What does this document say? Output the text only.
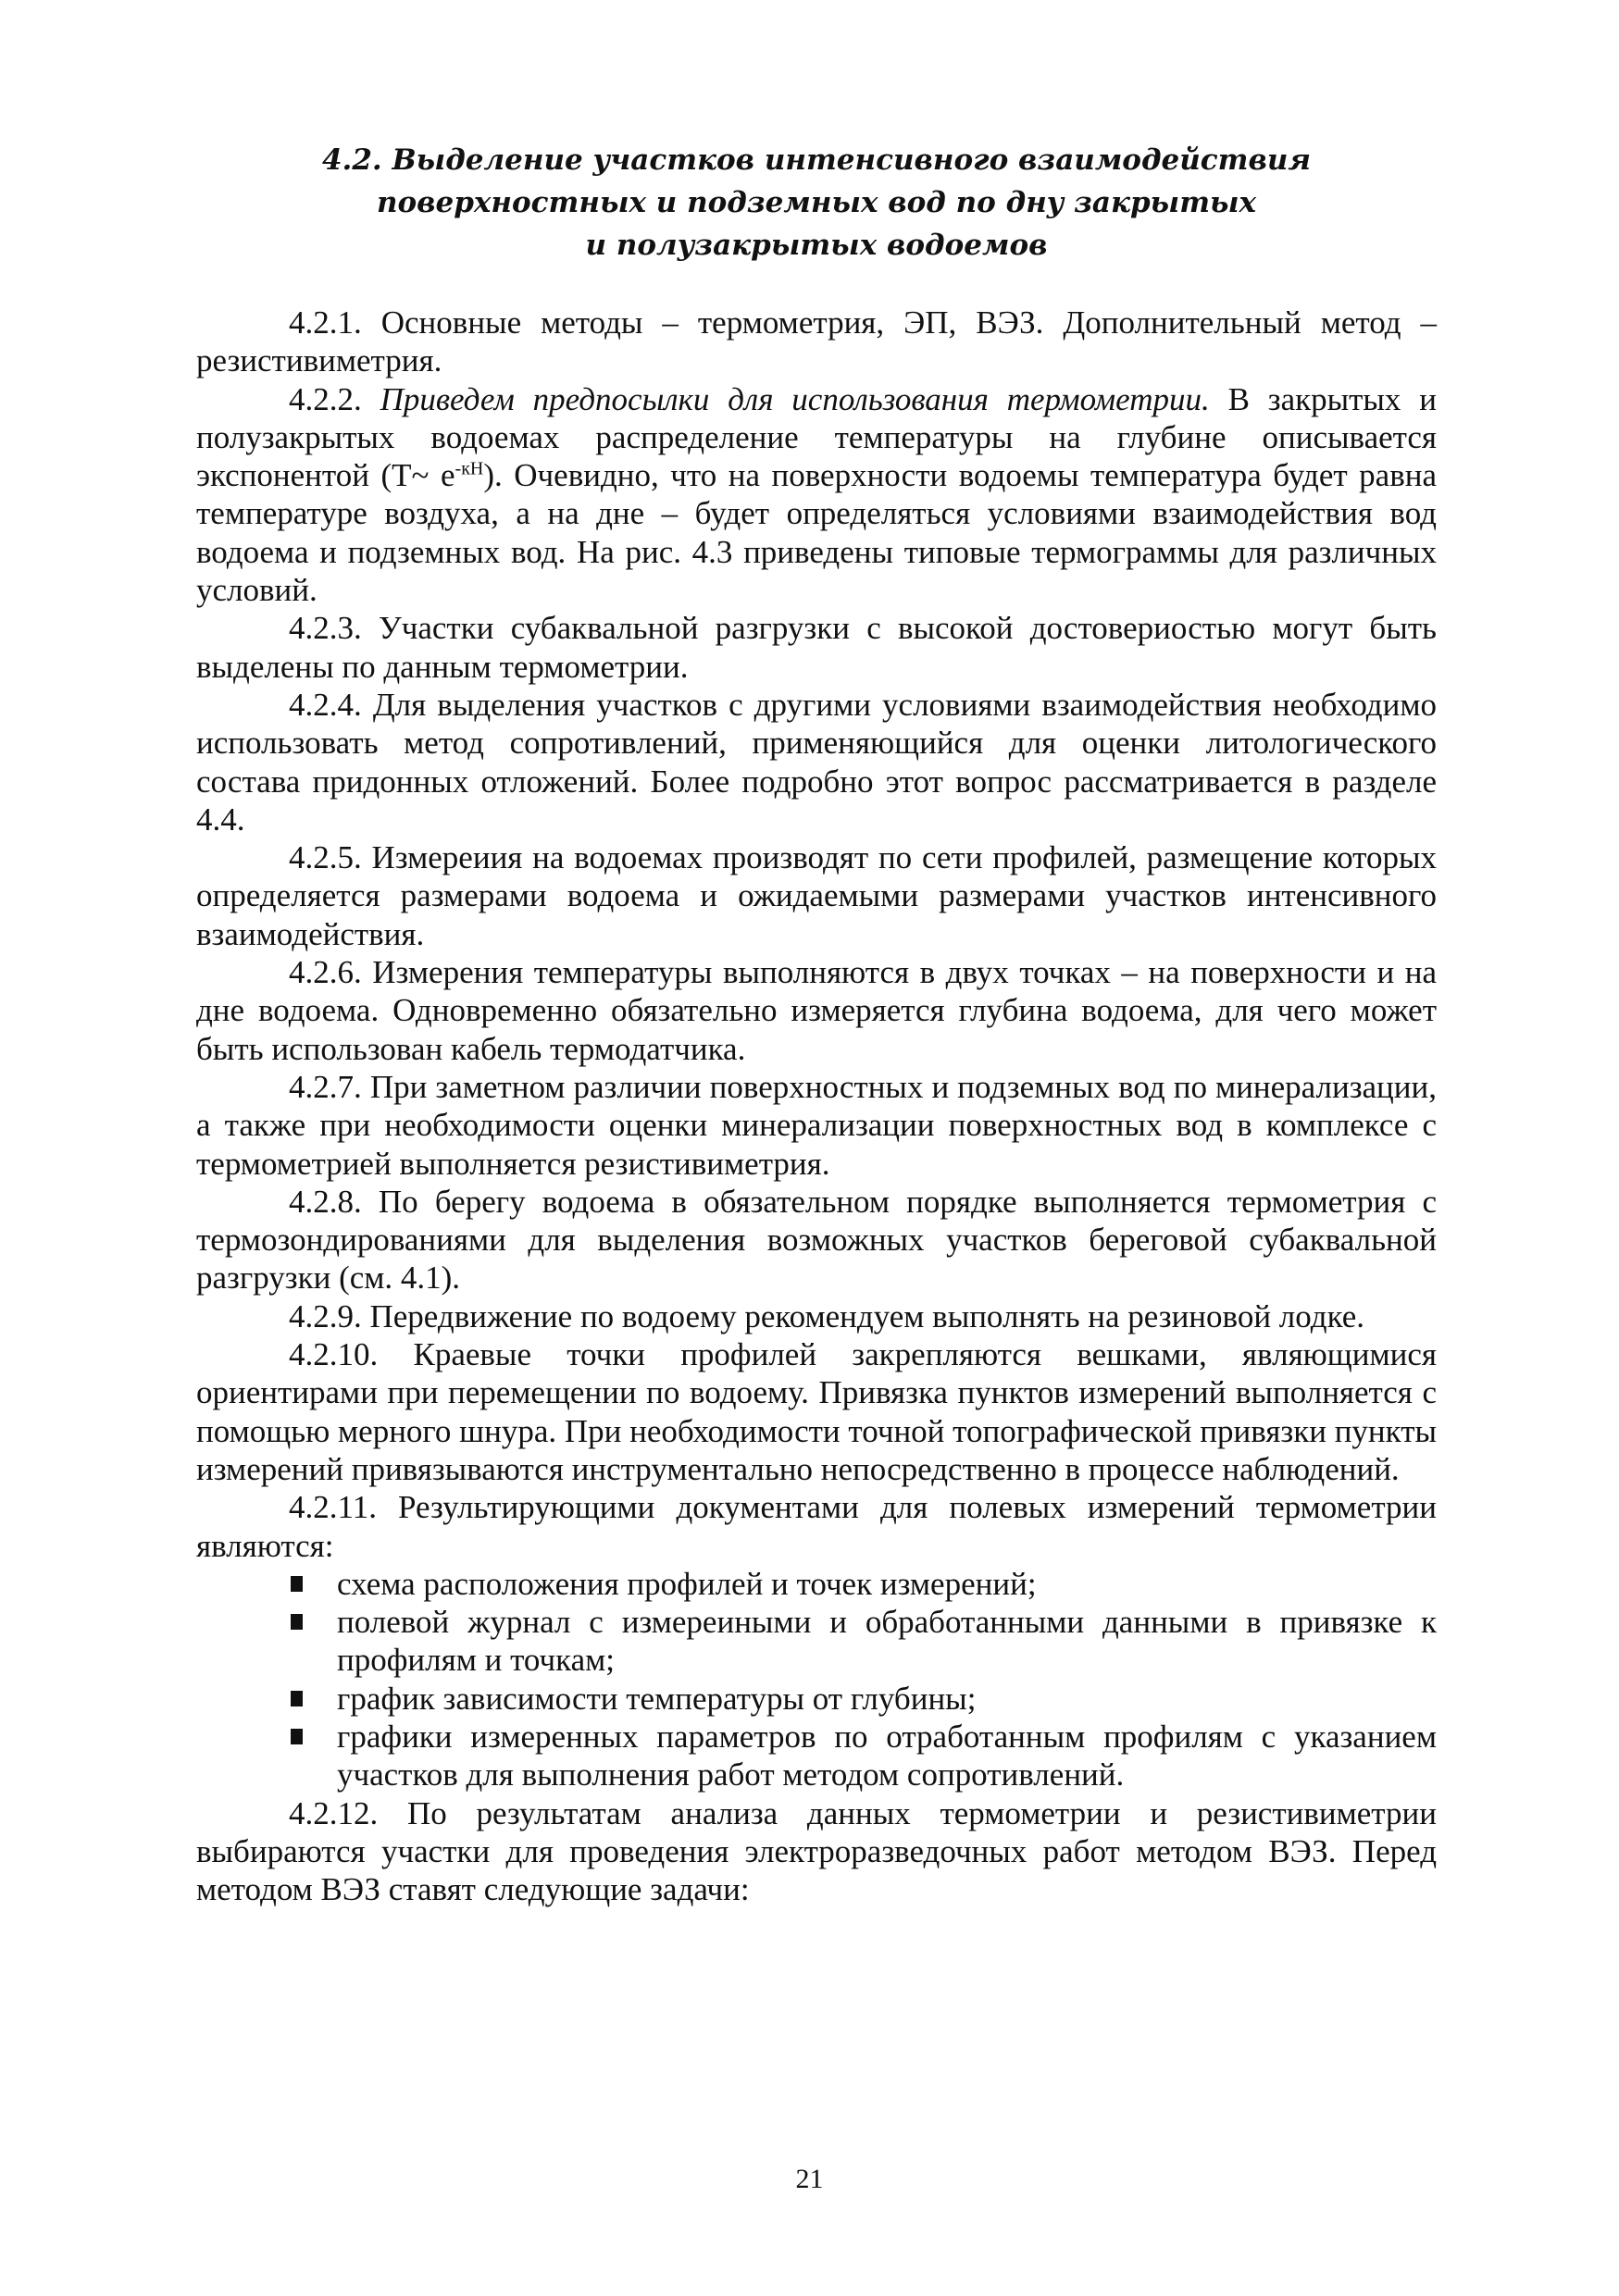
4.2. Выделение участков интенсивного взаимодействия
поверхностных и подземных вод по дну закрытых
и полузакрытых водоемов

4.2.1. Основные методы – термометрия, ЭП, ВЭЗ. Дополнительный метод – резистивиметрия.

4.2.2. Приведем предпосылки для использования термометрии. В закрытых и полузакрытых водоемах распределение температуры на глубине описывается экспонентой (T~ $e^{-кH}$). Очевидно, что на поверхности водоемы температура будет равна температуре воздуха, а на дне – будет определяться условиями взаимодействия вод водоема и подземных вод. На рис. 4.3 приведены типовые термограммы для различных условий.

4.2.3. Участки субаквальной разгрузки с высокой достовериостью могут быть выделены по данным термометрии.

4.2.4. Для выделения участков с другими условиями взаимодействия необходимо использовать метод сопротивлений, применяющийся для оценки литологического состава придонных отложений. Более подробно этот вопрос рассматривается в разделе 4.4.

4.2.5. Измереиия на водоемах производят по сети профилей, размещение которых определяется размерами водоема и ожидаемыми размерами участков интенсивного взаимодействия.

4.2.6. Измерения температуры выполняются в двух точках – на поверхности и на дне водоема. Одновременно обязательно измеряется глубина водоема, для чего может быть использован кабель термодатчика.

4.2.7. При заметном различии поверхностных и подземных вод по минерализации, а также при необходимости оценки минерализации поверхностных вод в комплексе с термометрией выполняется резистивиметрия.

4.2.8. По берегу водоема в обязательном порядке выполняется термометрия с термозондированиями для выделения возможных участков береговой субаквальной разгрузки (см. 4.1).

4.2.9. Передвижение по водоему рекомендуем выполнять на резиновой лодке.

4.2.10. Краевые точки профилей закрепляются вешками, являющимися ориентирами при перемещении по водоему. Привязка пунктов измерений выполняется с помощью мерного шнура. При необходимости точной топографической привязки пункты измерений привязываются инструментально непосредственно в процессе наблюдений.

4.2.11. Результирующими документами для полевых измерений термометрии являются:

схема расположения профилей и точек измерений;
полевой журнал с измереиными и обработанными данными в привязке к профилям и точкам;
график зависимости температуры от глубины;
графики измеренных параметров по отработанным профилям с указанием участков для выполнения работ методом сопротивлений.

4.2.12. По результатам анализа данных термометрии и резистивиметрии выбираются участки для проведения электроразведочных работ методом ВЭЗ. Перед методом ВЭЗ ставят следующие задачи:

21
